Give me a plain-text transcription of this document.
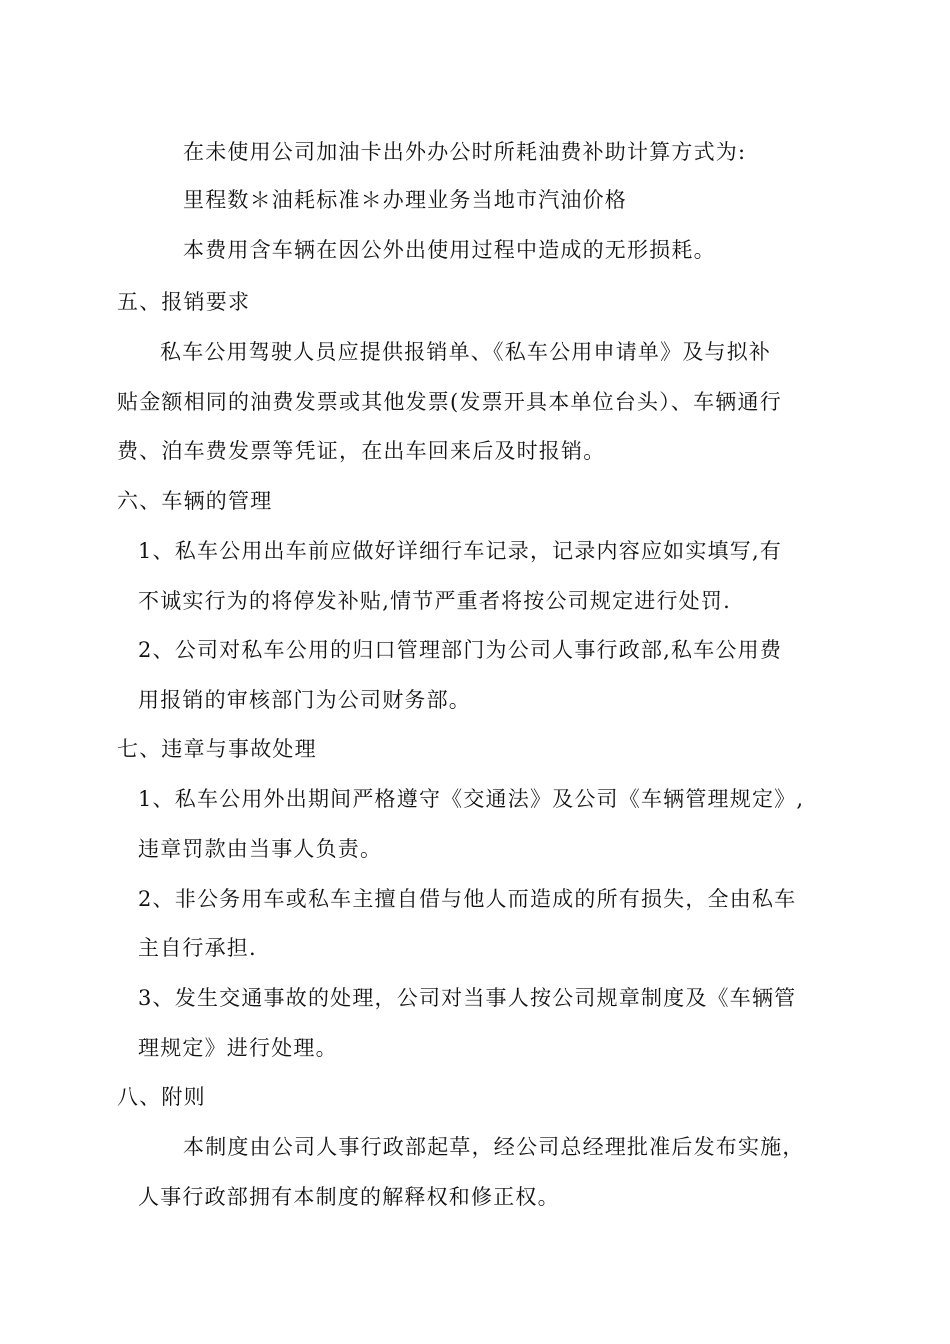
在未使用公司加油卡出外办公时所耗油费补助计算方式为:
里程数＊油耗标准＊办理业务当地市汽油价格
本费用含车辆在因公外出使用过程中造成的无形损耗。
五、报销要求
私车公用驾驶人员应提供报销单、《私车公用申请单》及与拟补
贴金额相同的油费发票或其他发票(发票开具本单位台头）、车辆通行
费、泊车费发票等凭证，在出车回来后及时报销。
六、车辆的管理
1、私车公用出车前应做好详细行车记录，记录内容应如实填写,有
不诚实行为的将停发补贴,情节严重者将按公司规定进行处罚.
2、公司对私车公用的归口管理部门为公司人事行政部,私车公用费
用报销的审核部门为公司财务部。
七、违章与事故处理
1、私车公用外出期间严格遵守《交通法》及公司《车辆管理规定》,
违章罚款由当事人负责。
2、非公务用车或私车主擅自借与他人而造成的所有损失，全由私车
主自行承担.
3、发生交通事故的处理，公司对当事人按公司规章制度及《车辆管
理规定》进行处理。
八、附则
本制度由公司人事行政部起草，经公司总经理批准后发布实施，
人事行政部拥有本制度的解释权和修正权。
